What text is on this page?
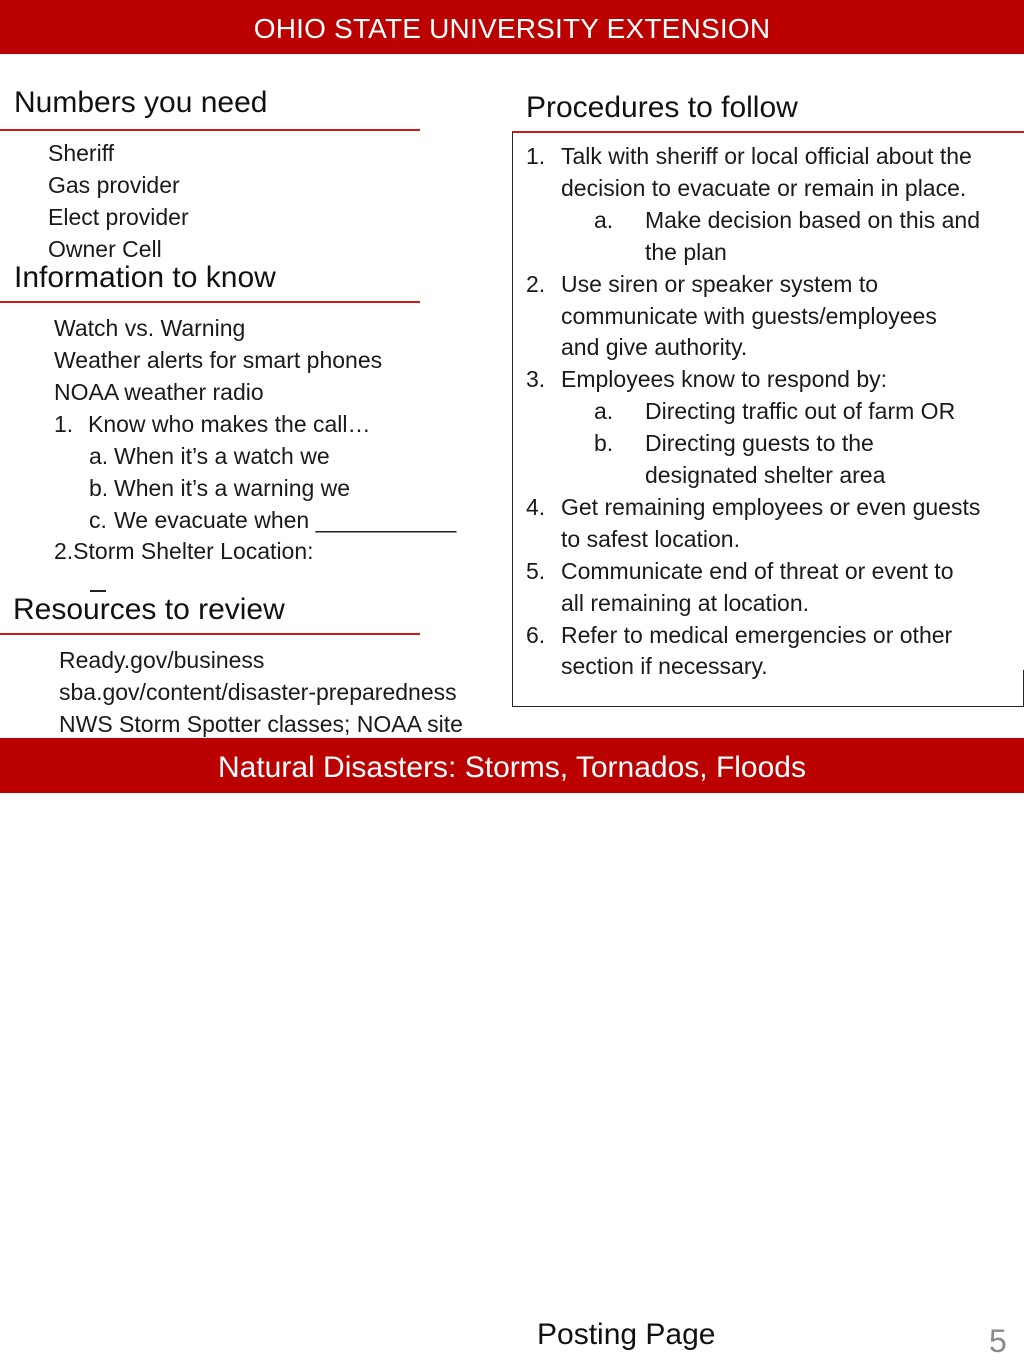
OHIO STATE UNIVERSITY EXTENSION
Numbers you need
Sheriff
Gas provider
Elect provider
Owner Cell
Information to know
Watch vs. Warning
Weather alerts for smart phones
NOAA weather radio
1. Know who makes the call…
a. When it’s a watch we
b. When it’s a warning we
c. We evacuate when ___________
2.Storm Shelter Location:
Resources to review
Ready.gov/business
sba.gov/content/disaster-preparedness
NWS Storm Spotter classes; NOAA site
Procedures to follow
1. Talk with sheriff or local official about the
decision to evacuate or remain in place.
a. Make decision based on this and
the plan
2. Use siren or speaker system to
communicate with guests/employees
and give authority.
3. Employees know to respond by:
a. Directing traffic out of farm OR
b. Directing guests to the
designated shelter area
4. Get remaining employees or even guests
to safest location.
5. Communicate end of threat or event to
all remaining at location.
6. Refer to medical emergencies or other
section if necessary.
Natural Disasters: Storms, Tornados, Floods
Posting Page	5
